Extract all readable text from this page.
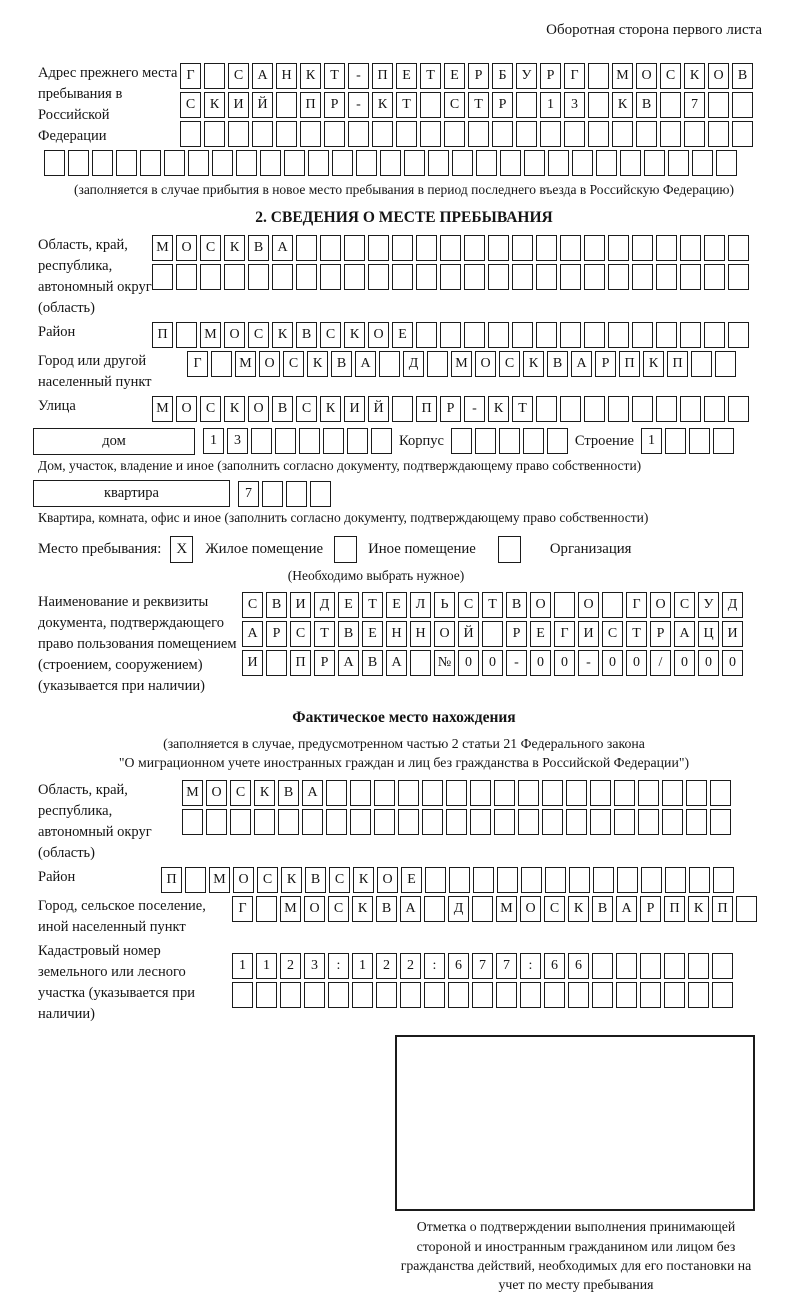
Оборотная сторона первого листа
Адрес прежнего места пребывания в Российской Федерации
Г	С	А Н	К	Т	-	П	Е	Т	Е	Р	Б	У	Р	Г	М О	С	К	О	В
С	К	И Й	П	Р	-	К	Т	С	Т	Р	1	3	К	В	7
(заполняется в случае прибытия в новое место пребывания в период последнего въезда в Российскую Федерацию)
2. СВЕДЕНИЯ О МЕСТЕ ПРЕБЫВАНИЯ
Область, край, республика, автономный округ (область)
М О	С	К	В	А
Район	П	М О	С	К	В	С	К	О	Е
Город или другой населенный пункт
Г	М О	С	К	В	А	Д	М О	С	К	В	А	Р	П	К	П
Улица	М О	С	К	О	В	С	К	И Й	П	Р	-	К	Т
дом	1	3	Корпус	Строение	1
Дом, участок, владение и иное (заполнить согласно документу, подтверждающему право собственности)
квартира	7
Квартира, комната, офис и иное (заполнить согласно документу, подтверждающему право собственности)
Место пребывания:	X	Жилое помещение	Иное помещение	Организация
(Необходимо выбрать нужное)
Наименование и реквизиты документа, подтверждающего право пользования помещением (строением, сооружением) (указывается при наличии)
С	В	И	Д	Е	Т	Е	Л	Ь	С	Т	В	О	О	Г	О	С	У	Д
А	Р	С	Т	В	Е	Н Н О Й	Р	Е	Г	И	С	Т	Р	А Ц И
И	П	Р	А	В	А	№ 0	0	-	0	0	-	0	0	/	0	0	0
Фактическое место нахождения
(заполняется в случае, предусмотренном частью 2 статьи 21 Федерального закона
"О миграционном учете иностранных граждан и лиц без гражданства в Российской Федерации")
Область, край, республика, автономный округ (область)
М О	С	К	В	А
Район	П	М О	С	К	В	С	К	О	Е
Город, сельское поселение, иной населенный пункт
Г	М О	С	К	В	А	Д	М О	С	К	В	А	Р	П	К	П
Кадастровый номер земельного или лесного участка (указывается при наличии)
1	1	2	3	:	1	2	2	:	6	7	7	:	6	6
Отметка о подтверждении выполнения принимающей стороной и иностранным гражданином или лицом без гражданства действий, необходимых для его постановки на учет по месту пребывания
